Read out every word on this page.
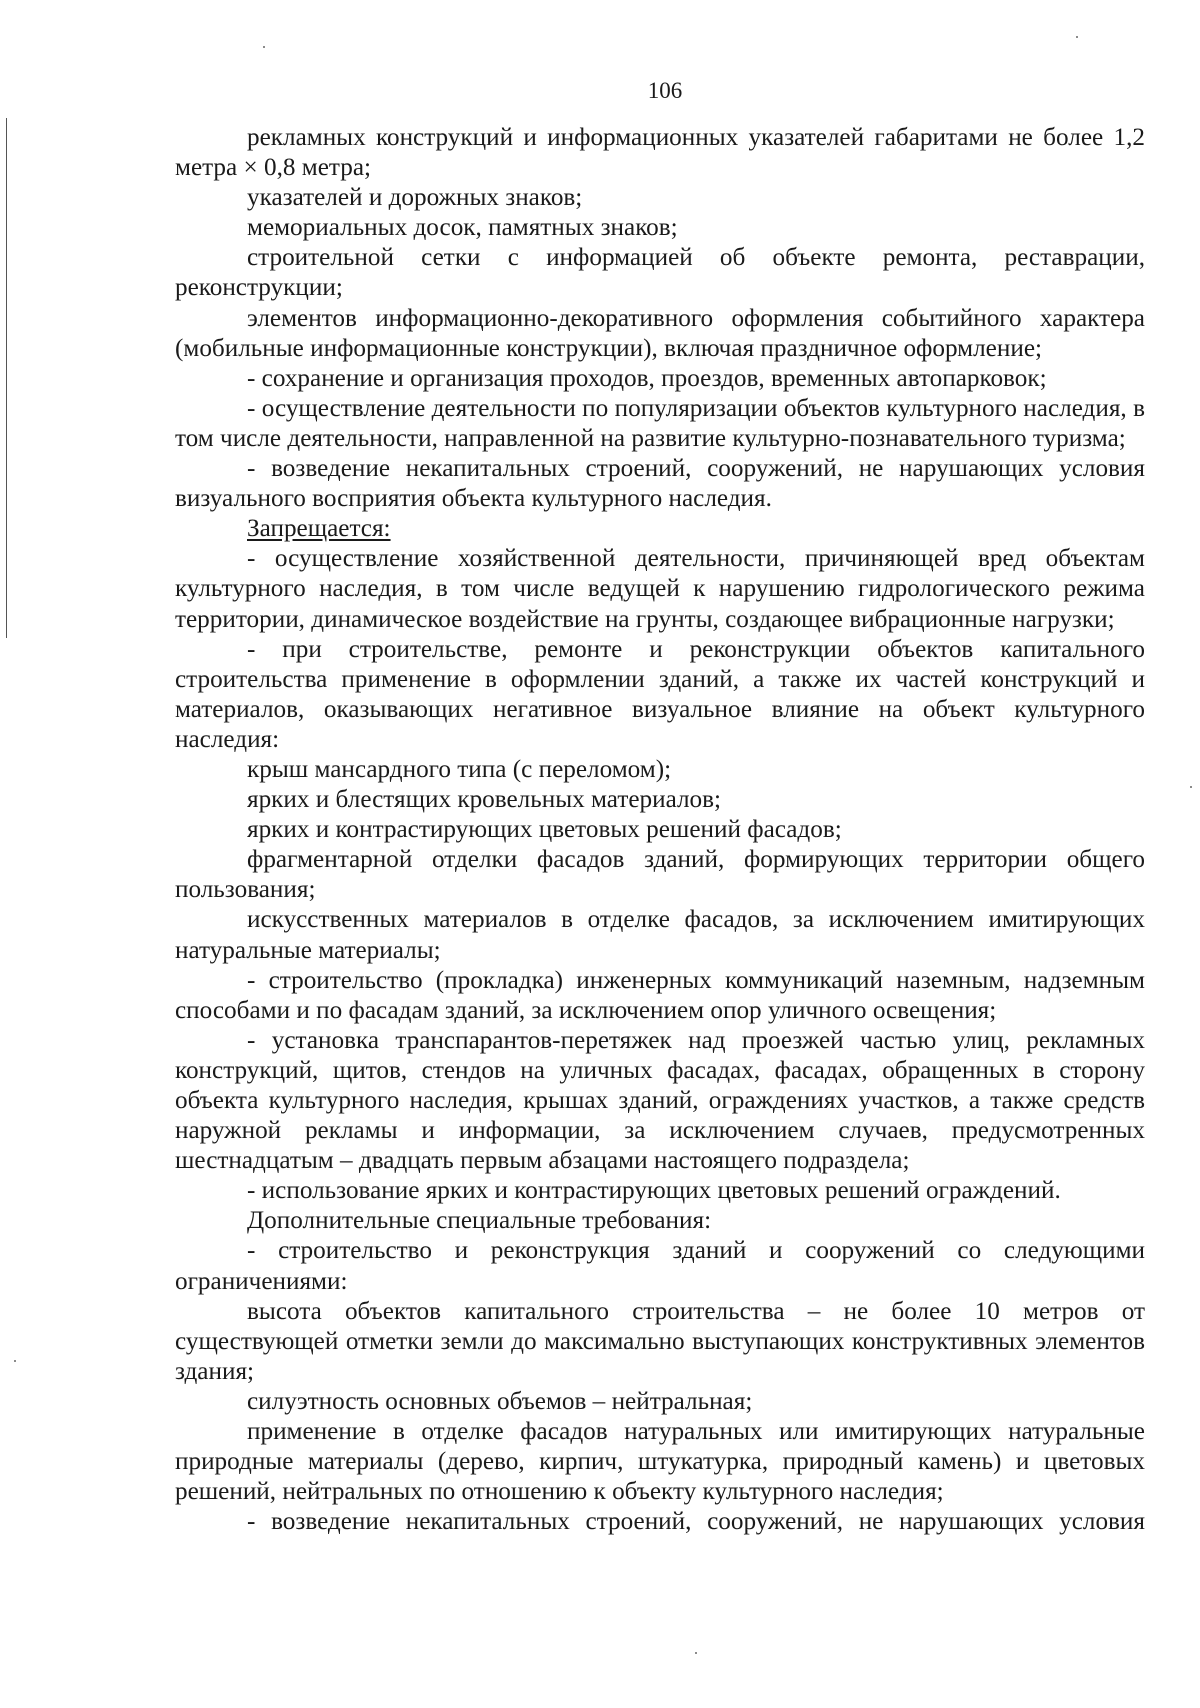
106

рекламных конструкций и информационных указателей габаритами не более 1,2 метра × 0,8 метра;

указателей и дорожных знаков;

мемориальных досок, памятных знаков;

строительной сетки с информацией об объекте ремонта, реставрации, реконструкции;

элементов информационно-декоративного оформления событийного характера (мобильные информационные конструкции), включая праздничное оформление;

- сохранение и организация проходов, проездов, временных автопарковок;

- осуществление деятельности по популяризации объектов культурного наследия, в том числе деятельности, направленной на развитие культурно-познавательного туризма;

- возведение некапитальных строений, сооружений, не нарушающих условия визуального восприятия объекта культурного наследия.

Запрещается:

- осуществление хозяйственной деятельности, причиняющей вред объектам культурного наследия, в том числе ведущей к нарушению гидрологического режима территории, динамическое воздействие на грунты, создающее вибрационные нагрузки;

- при строительстве, ремонте и реконструкции объектов капитального строительства применение в оформлении зданий, а также их частей конструкций и материалов, оказывающих негативное визуальное влияние на объект культурного наследия:

крыш мансардного типа (с переломом);

ярких и блестящих кровельных материалов;

ярких и контрастирующих цветовых решений фасадов;

фрагментарной отделки фасадов зданий, формирующих территории общего пользования;

искусственных материалов в отделке фасадов, за исключением имитирующих натуральные материалы;

- строительство (прокладка) инженерных коммуникаций наземным, надземным способами и по фасадам зданий, за исключением опор уличного освещения;

- установка транспарантов-перетяжек над проезжей частью улиц, рекламных конструкций, щитов, стендов на уличных фасадах, фасадах, обращенных в сторону объекта культурного наследия, крышах зданий, ограждениях участков, а также средств наружной рекламы и информации, за исключением случаев, предусмотренных шестнадцатым – двадцать первым абзацами настоящего подраздела;

- использование ярких и контрастирующих цветовых решений ограждений.

Дополнительные специальные требования:

- строительство и реконструкция зданий и сооружений со следующими ограничениями:

высота объектов капитального строительства – не более 10 метров от существующей отметки земли до максимально выступающих конструктивных элементов здания;

силуэтность основных объемов – нейтральная;

применение в отделке фасадов натуральных или имитирующих натуральные природные материалы (дерево, кирпич, штукатурка, природный камень) и цветовых решений, нейтральных по отношению к объекту культурного наследия;

- возведение некапитальных строений, сооружений, не нарушающих условия
